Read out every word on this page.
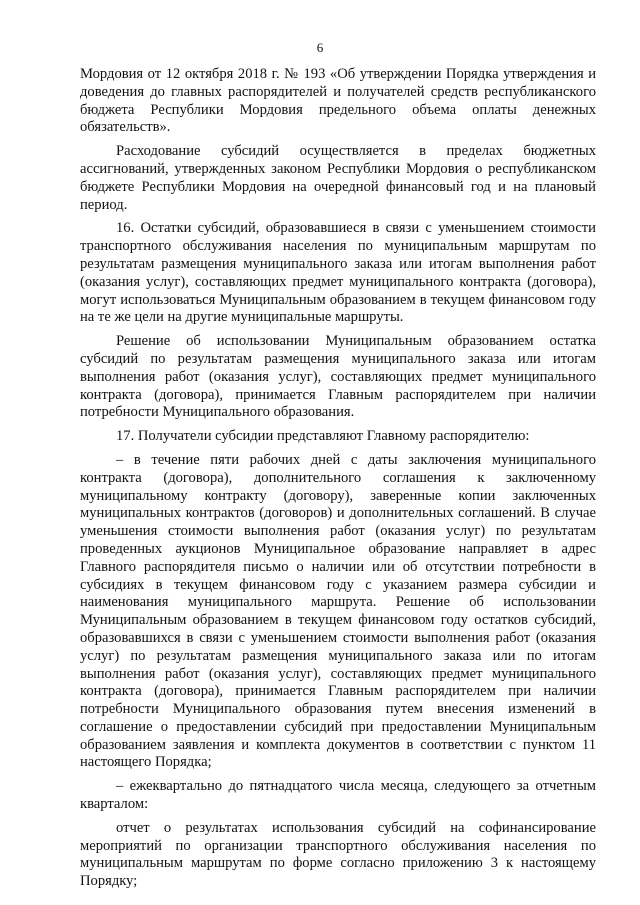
6

Мордовия от 12 октября 2018 г. № 193 «Об утверждении Порядка утверждения и доведения до главных распорядителей и получателей средств республиканского бюджета Республики Мордовия предельного объема оплаты денежных обязательств».

Расходование субсидий осуществляется в пределах бюджетных ассигнований, утвержденных законом Республики Мордовия о республиканском бюджете Республики Мордовия на очередной финансовый год и на плановый период.

16. Остатки субсидий, образовавшиеся в связи с уменьшением стоимости транспортного обслуживания населения по муниципальным маршрутам по результатам размещения муниципального заказа или итогам выполнения работ (оказания услуг), составляющих предмет муниципального контракта (договора), могут использоваться Муниципальным образованием в текущем финансовом году на те же цели на другие муниципальные маршруты.

Решение об использовании Муниципальным образованием остатка субсидий по результатам размещения муниципального заказа или итогам выполнения работ (оказания услуг), составляющих предмет муниципального контракта (договора), принимается Главным распорядителем при наличии потребности Муниципального образования.

17. Получатели субсидии представляют Главному распорядителю:

– в течение пяти рабочих дней с даты заключения муниципального контракта (договора), дополнительного соглашения к заключенному муниципальному контракту (договору), заверенные копии заключенных муниципальных контрактов (договоров) и дополнительных соглашений. В случае уменьшения стоимости выполнения работ (оказания услуг) по результатам проведенных аукционов Муниципальное образование направляет в адрес Главного распорядителя письмо о наличии или об отсутствии потребности в субсидиях в текущем финансовом году с указанием размера субсидии и наименования муниципального маршрута. Решение об использовании Муниципальным образованием в текущем финансовом году остатков субсидий, образовавшихся в связи с уменьшением стоимости выполнения работ (оказания услуг) по результатам размещения муниципального заказа или по итогам выполнения работ (оказания услуг), составляющих предмет муниципального контракта (договора), принимается Главным распорядителем при наличии потребности Муниципального образования путем внесения изменений в соглашение о предоставлении субсидий при предоставлении Муниципальным образованием заявления и комплекта документов в соответствии с пунктом 11 настоящего Порядка;

– ежеквартально до пятнадцатого числа месяца, следующего за отчетным кварталом:

отчет о результатах использования субсидий на софинансирование мероприятий по организации транспортного обслуживания населения по муниципальным маршрутам по форме согласно приложению 3 к настоящему Порядку;
